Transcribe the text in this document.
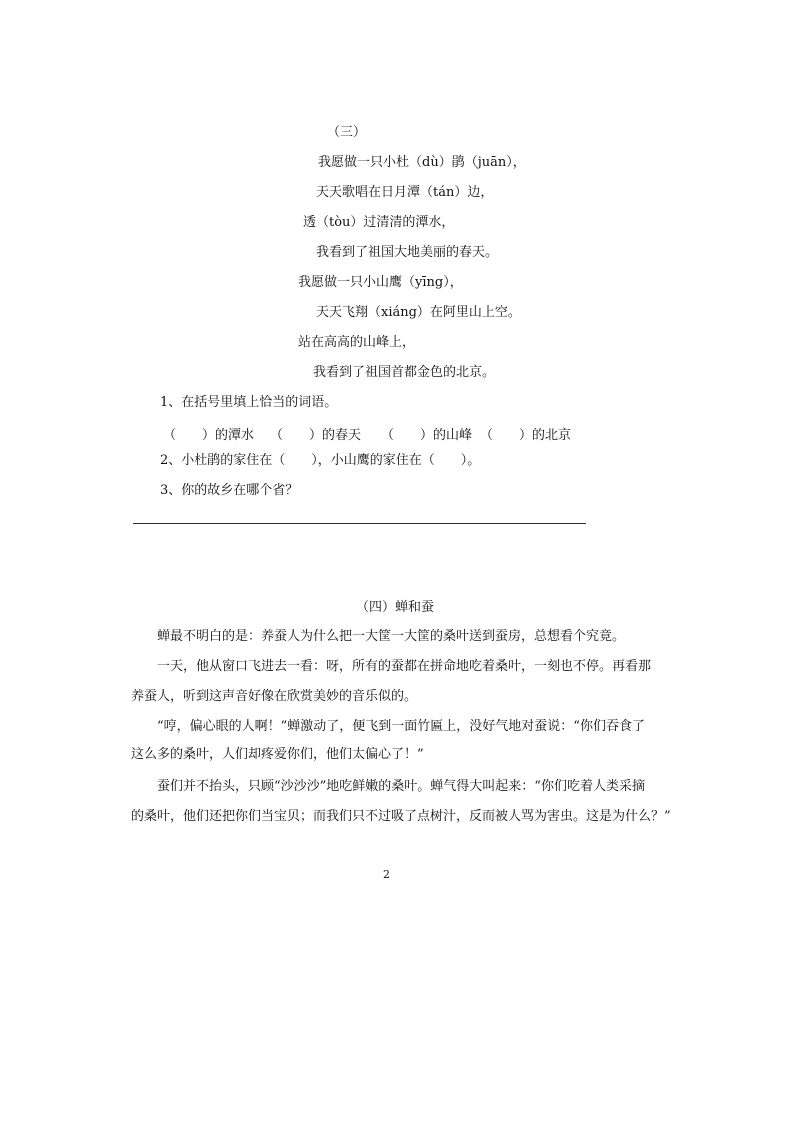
（三）
我愿做一只小杜（dù）鹃（juān），
天天歌唱在日月潭（tán）边，
透（tòu）过清清的潭水，
我看到了祖国大地美丽的春天。
我愿做一只小山鹰（yīng），
天天飞翔（xiáng）在阿里山上空。
站在高高的山峰上，
我看到了祖国首都金色的北京。
1、在括号里填上恰当的词语。
（　　）的潭水 （　　）的春天 （　　）的山峰 （　　）的北京
2、小杜鹃的家住在（　　），小山鹰的家住在（　　）。
3、你的故乡在哪个省？
（四）蝉和蚕
蝉最不明白的是：养蚕人为什么把一大筐一大筐的桑叶送到蚕房，总想看个究竟。
一天，他从窗口飞进去一看：呀，所有的蚕都在拼命地吃着桑叶，一刻也不停。再看那
养蚕人，听到这声音好像在欣赏美妙的音乐似的。
“哼，偏心眼的人啊！”蝉激动了，便飞到一面竹匾上，没好气地对蚕说：“你们吞食了
这么多的桑叶，人们却疼爱你们，他们太偏心了！”
蚕们并不抬头，只顾“沙沙沙”地吃鲜嫩的桑叶。蝉气得大叫起来：“你们吃着人类采摘
的桑叶，他们还把你们当宝贝；而我们只不过吸了点树汁，反而被人骂为害虫。这是为什么？”
2
